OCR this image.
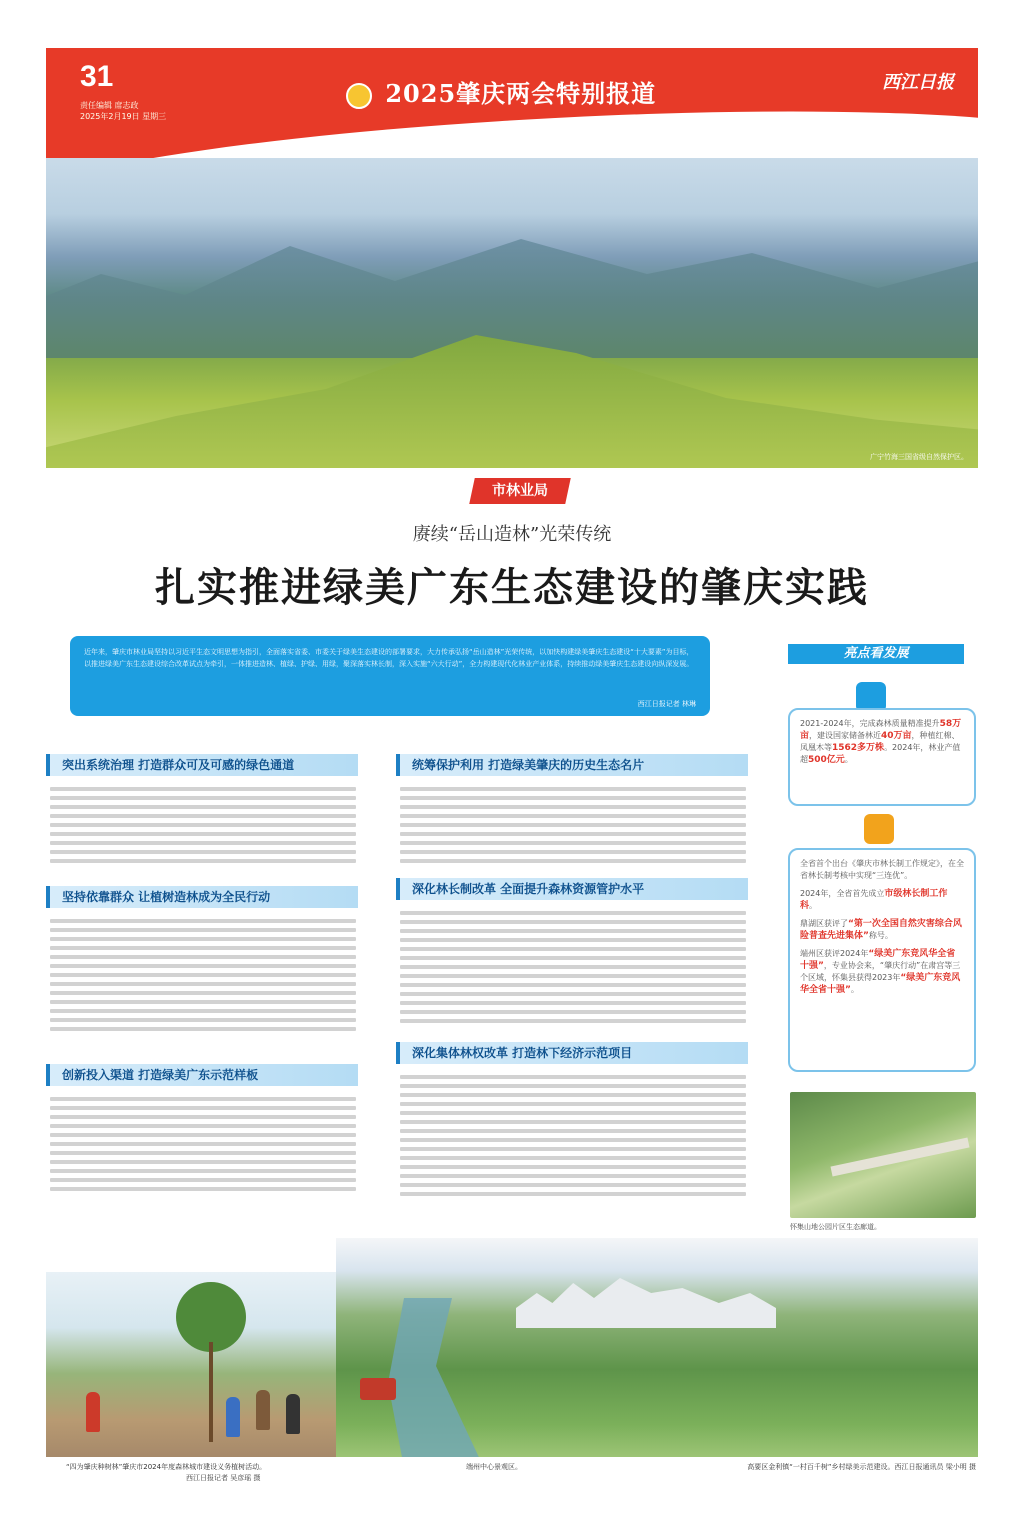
31
责任编辑 席志政
2025年2月19日 星期三
2025肇庆两会特别报道	西江日报
广宁竹海三国省级自然保护区。
市林业局
赓续“岳山造林”光荣传统
扎实推进绿美广东生态建设的肇庆实践
近年来，肇庆市林业局坚持以习近平生态文明思想为指引，全面落实省委、市委关于绿美生态建设的部署要求，大力传承弘扬“岳山造林”光荣传统，以加快构建绿美肇庆生态建设“十大要素”为目标，以推进绿美广东生态建设综合改革试点为牵引，一体推进造林、植绿、护绿、用绿，聚深落实林长制，深入实施“六大行动”，全力构建现代化林业产业体系，持续推动绿美肇庆生态建设向纵深发展。
西江日报记者 林琳
突出系统治理 打造群众可及可感的绿色通道
坚持依靠群众 让植树造林成为全民行动
创新投入渠道 打造绿美广东示范样板
统筹保护利用 打造绿美肇庆的历史生态名片
深化林长制改革 全面提升森林资源管护水平
深化集体林权改革 打造林下经济示范项目
亮点看发展
2021-2024年，完成森林质量精准提升58万亩，建设国家储备林近40万亩，种植红棉、凤凰木等1562多万株。2024年，林业产值超500亿元。
全省首个出台《肇庆市林长制工作规定》，在全省林长制考核中实现“三连优”。
2024年，全省首先成立市级林长制工作科。
鼎湖区获评了“第一次全国自然灾害综合风险普查先进集体”称号。
端州区获评2024年“绿美广东竞风华全省十强”，专业协会来，“肇庆行动”在肃宫等三个区域，怀集县获得2023年“绿美广东竞风华全省十强”。
怀集山地公园片区生态廊道。
“四为肇庆种树林”肇庆市2024年度森林城市建设义务植树活动。
西江日报记者 吴彦瑶 摄
端州中心景观区。	高要区金利镇“一村百千树”乡村绿美示范建设。西江日报通讯员 梁小明 摄
